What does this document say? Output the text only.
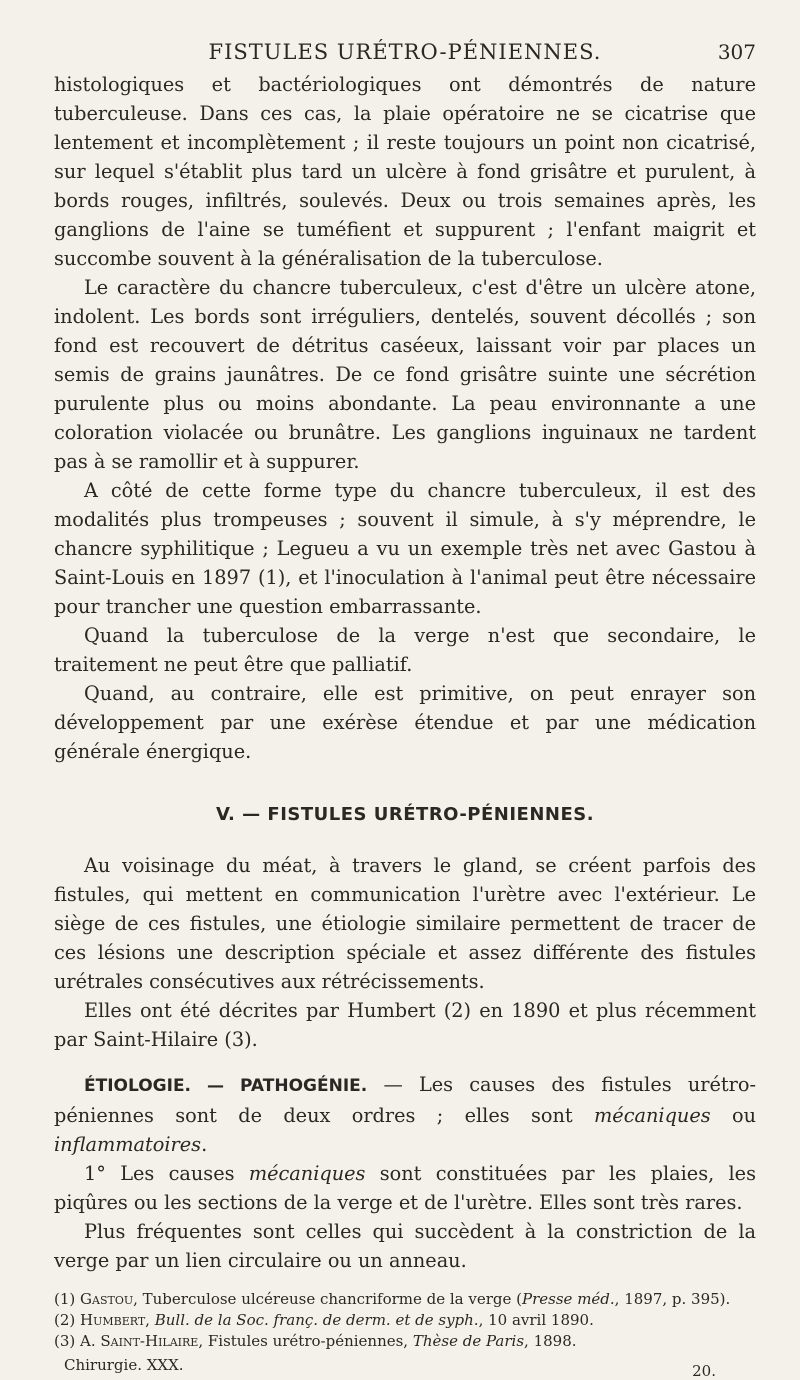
FISTULES URÉTRO-PÉNIENNES.	307

histologiques et bactériologiques ont démontrés de nature tuberculeuse. Dans ces cas, la plaie opératoire ne se cicatrise que lentement et incomplètement ; il reste toujours un point non cicatrisé, sur lequel s'établit plus tard un ulcère à fond grisâtre et purulent, à bords rouges, infiltrés, soulevés. Deux ou trois semaines après, les ganglions de l'aine se tuméfient et suppurent ; l'enfant maigrit et succombe souvent à la généralisation de la tuberculose.

Le caractère du chancre tuberculeux, c'est d'être un ulcère atone, indolent. Les bords sont irréguliers, dentelés, souvent décollés ; son fond est recouvert de détritus caséeux, laissant voir par places un semis de grains jaunâtres. De ce fond grisâtre suinte une sécrétion purulente plus ou moins abondante. La peau environnante a une coloration violacée ou brunâtre. Les ganglions inguinaux ne tardent pas à se ramollir et à suppurer.

A côté de cette forme type du chancre tuberculeux, il est des modalités plus trompeuses ; souvent il simule, à s'y méprendre, le chancre syphilitique ; Legueu a vu un exemple très net avec Gastou à Saint-Louis en 1897 (1), et l'inoculation à l'animal peut être nécessaire pour trancher une question embarrassante.

Quand la tuberculose de la verge n'est que secondaire, le traitement ne peut être que palliatif.

Quand, au contraire, elle est primitive, on peut enrayer son développement par une exérèse étendue et par une médication générale énergique.

V. — FISTULES URÉTRO-PÉNIENNES.

Au voisinage du méat, à travers le gland, se créent parfois des fistules, qui mettent en communication l'urètre avec l'extérieur. Le siège de ces fistules, une étiologie similaire permettent de tracer de ces lésions une description spéciale et assez différente des fistules urétrales consécutives aux rétrécissements.

Elles ont été décrites par Humbert (2) en 1890 et plus récemment par Saint-Hilaire (3).

ÉTIOLOGIE. — PATHOGÉNIE. — Les causes des fistules urétro-péniennes sont de deux ordres ; elles sont mécaniques ou inflammatoires.

1° Les causes mécaniques sont constituées par les plaies, les piqûres ou les sections de la verge et de l'urètre. Elles sont très rares.

Plus fréquentes sont celles qui succèdent à la constriction de la verge par un lien circulaire ou un anneau.

(1) Gastou, Tuberculose ulcéreuse chancriforme de la verge (Presse méd., 1897, p. 395).

(2) Humbert, Bull. de la Soc. franç. de derm. et de syph., 10 avril 1890.

(3) A. Saint-Hilaire, Fistules urétro-péniennes, Thèse de Paris, 1898.

Chirurgie. XXX.	20.
